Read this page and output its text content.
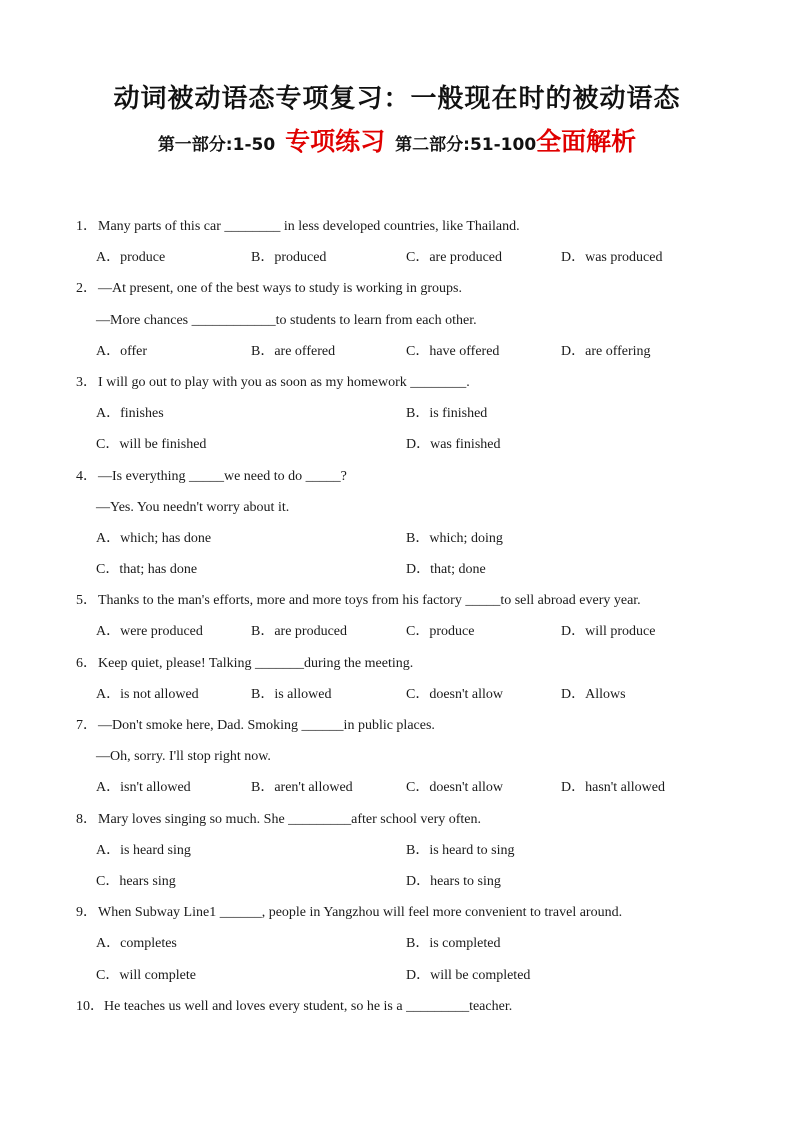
动词被动语态专项复习：一般现在时的被动语态
第一部分:1-50 专项练习 第二部分:51-100全面解析
1．Many parts of this car ________ in less developed countries, like Thailand.
A．produce	B．produced	C．are produced	D．was produced
2．—At present, one of the best ways to study is working in groups.
—More chances ____________to students to learn from each other.
A．offer	B．are offered	C．have offered	D．are offering
3．I will go out to play with you as soon as my homework ________.
A．finishes	B．is finished
C．will be finished	D．was finished
4．—Is everything _____we need to do _____?
—Yes. You needn't worry about it.
A．which; has done	B．which; doing
C．that; has done	D．that; done
5．Thanks to the man's efforts, more and more toys from his factory _____to sell abroad every year.
A．were produced	B．are produced	C．produce	D．will produce
6．Keep quiet, please! Talking _______during the meeting.
A．is not allowed	B．is allowed	C．doesn't allow	D．Allows
7．—Don't smoke here, Dad. Smoking ______in public places.
—Oh, sorry. I'll stop right now.
A．isn't allowed	B．aren't allowed	C．doesn't allow	D．hasn't allowed
8．Mary loves singing so much. She _________after school very often.
A．is heard sing	B．is heard to sing
C．hears sing	D．hears to sing
9．When Subway Line1 ______, people in Yangzhou will feel more convenient to travel around.
A．completes	B．is completed
C．will complete	D．will be completed
10．He teaches us well and loves every student, so he is a _________teacher.
